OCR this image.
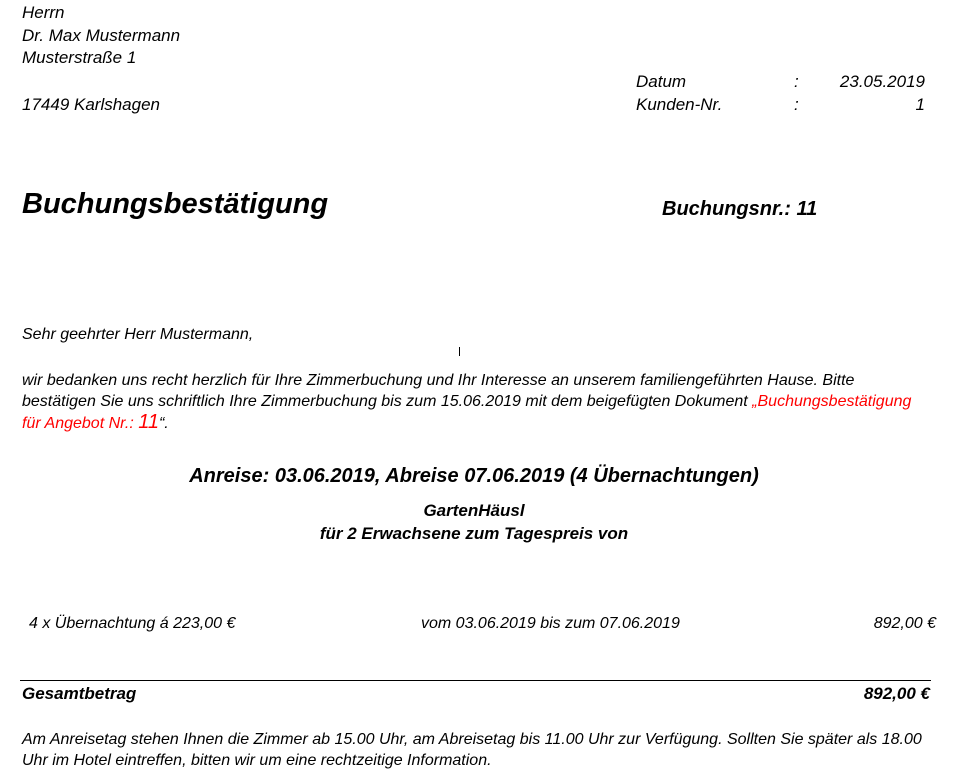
Herrn
Dr. Max Mustermann
Musterstraße 1
17449 Karlshagen
Datum	: 23.05.2019
Kunden-Nr.	:	1
Buchungsbestätigung	Buchungsnr.: 11
Sehr geehrter Herr Mustermann,
wir bedanken uns recht herzlich für Ihre Zimmerbuchung und Ihr Interesse an unserem familiengeführten Hause. Bitte bestätigen Sie uns schriftlich Ihre Zimmerbuchung bis zum 15.06.2019 mit dem beigefügten Dokument „Buchungsbestätigung für Angebot Nr.: 11“.
Anreise: 03.06.2019, Abreise 07.06.2019 (4 Übernachtungen)
GartenHäusl
für 2 Erwachsene zum Tagespreis von
4 x Übernachtung á 223,00 €	vom 03.06.2019 bis zum 07.06.2019	892,00 €
Gesamtbetrag	892,00 €
Am Anreisetag stehen Ihnen die Zimmer ab 15.00 Uhr, am Abreisetag bis 11.00 Uhr zur Verfügung. Sollten Sie später als 18.00 Uhr im Hotel eintreffen, bitten wir um eine rechtzeitige Information.
